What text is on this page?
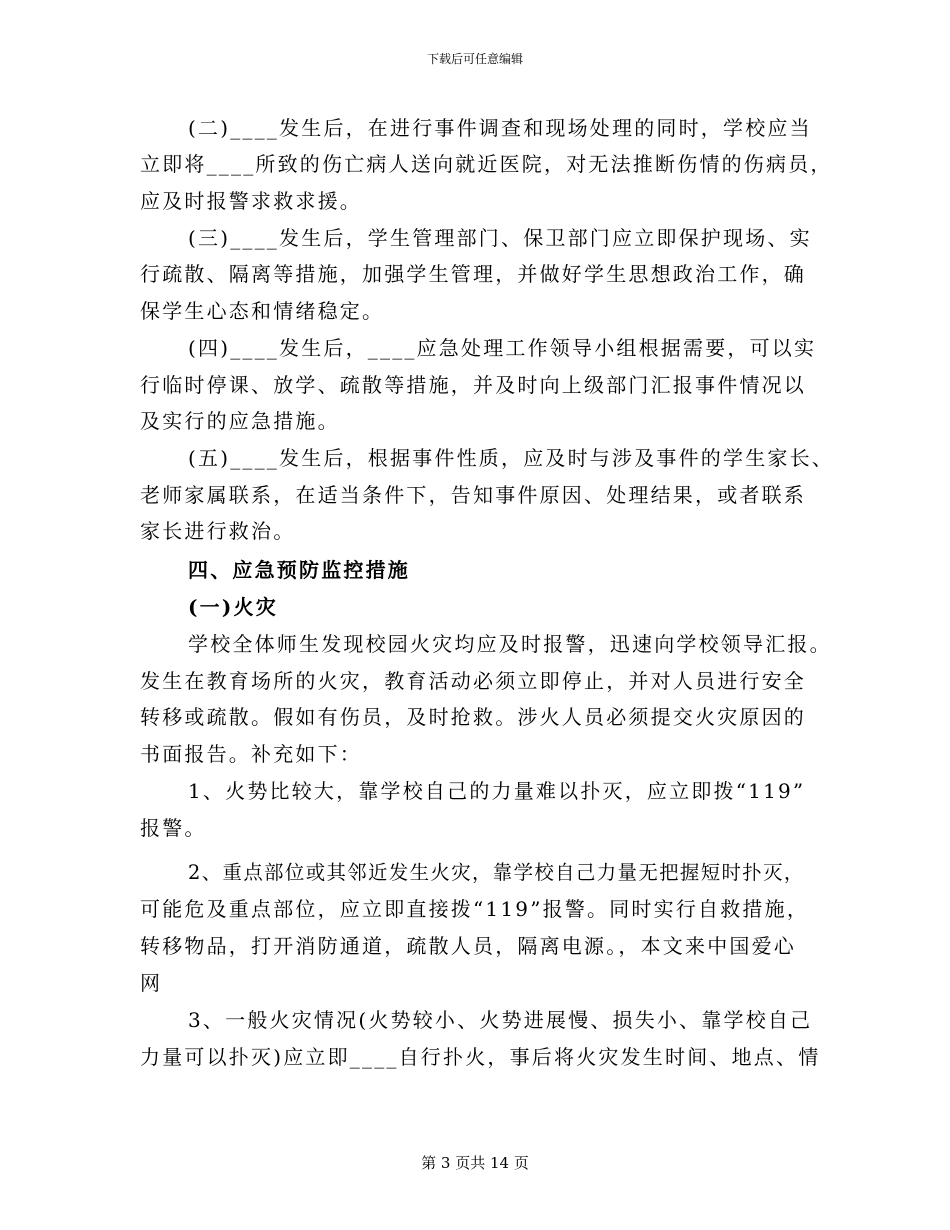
下载后可任意编辑
(二)____发生后，在进行事件调查和现场处理的同时，学校应当
立即将____所致的伤亡病人送向就近医院，对无法推断伤情的伤病员，
应及时报警求救求援。
(三)____发生后，学生管理部门、保卫部门应立即保护现场、实
行疏散、隔离等措施，加强学生管理，并做好学生思想政治工作，确
保学生心态和情绪稳定。
(四)____发生后，____应急处理工作领导小组根据需要，可以实
行临时停课、放学、疏散等措施，并及时向上级部门汇报事件情况以
及实行的应急措施。
(五)____发生后，根据事件性质，应及时与涉及事件的学生家长、
老师家属联系，在适当条件下，告知事件原因、处理结果，或者联系
家长进行救治。
四、应急预防监控措施
(一)火灾
学校全体师生发现校园火灾均应及时报警，迅速向学校领导汇报。
发生在教育场所的火灾，教育活动必须立即停止，并对人员进行安全
转移或疏散。假如有伤员，及时抢救。涉火人员必须提交火灾原因的
书面报告。补充如下：
1、火势比较大，靠学校自己的力量难以扑灭，应立即拨“119”
报警。
2、重点部位或其邻近发生火灾，靠学校自己力量无把握短时扑灭，
可能危及重点部位，应立即直接拨“119”报警。同时实行自救措施，
转移物品，打开消防通道，疏散人员，隔离电源。，本文来中国爱心
网
3、一般火灾情况(火势较小、火势进展慢、损失小、靠学校自己
力量可以扑灭)应立即____自行扑火，事后将火灾发生时间、地点、情
第 3 页共 14 页
